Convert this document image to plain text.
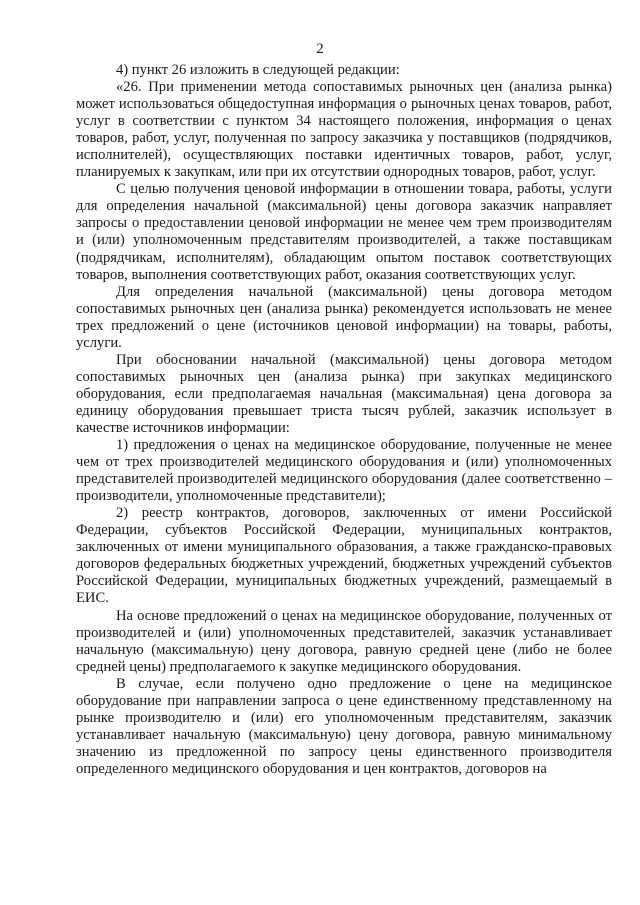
2

4) пункт 26 изложить в следующей редакции:

«26. При применении метода сопоставимых рыночных цен (анализа рынка) может использоваться общедоступная информация о рыночных ценах товаров, работ, услуг в соответствии с пунктом 34 настоящего положения, информация о ценах товаров, работ, услуг, полученная по запросу заказчика у поставщиков (подрядчиков, исполнителей), осуществляющих поставки идентичных товаров, работ, услуг, планируемых к закупкам, или при их отсутствии однородных товаров, работ, услуг.

С целью получения ценовой информации в отношении товара, работы, услуги для определения начальной (максимальной) цены договора заказчик направляет запросы о предоставлении ценовой информации не менее чем трем производителям и (или) уполномоченным представителям производителей, а также поставщикам (подрядчикам, исполнителям), обладающим опытом поставок соответствующих товаров, выполнения соответствующих работ, оказания соответствующих услуг.

Для определения начальной (максимальной) цены договора методом сопоставимых рыночных цен (анализа рынка) рекомендуется использовать не менее трех предложений о цене (источников ценовой информации) на товары, работы, услуги.

При обосновании начальной (максимальной) цены договора методом сопоставимых рыночных цен (анализа рынка) при закупках медицинского оборудования, если предполагаемая начальная (максимальная) цена договора за единицу оборудования превышает триста тысяч рублей, заказчик использует в качестве источников информации:

1) предложения о ценах на медицинское оборудование, полученные не менее чем от трех производителей медицинского оборудования и (или) уполномоченных представителей производителей медицинского оборудования (далее соответственно – производители, уполномоченные представители);

2) реестр контрактов, договоров, заключенных от имени Российской Федерации, субъектов Российской Федерации, муниципальных контрактов, заключенных от имени муниципального образования, а также гражданско-правовых договоров федеральных бюджетных учреждений, бюджетных учреждений субъектов Российской Федерации, муниципальных бюджетных учреждений, размещаемый в ЕИС.

На основе предложений о ценах на медицинское оборудование, полученных от производителей и (или) уполномоченных представителей, заказчик устанавливает начальную (максимальную) цену договора, равную средней цене (либо не более средней цены) предполагаемого к закупке медицинского оборудования.

В случае, если получено одно предложение о цене на медицинское оборудование при направлении запроса о цене единственному представленному на рынке производителю и (или) его уполномоченным представителям, заказчик устанавливает начальную (максимальную) цену договора, равную минимальному значению из предложенной по запросу цены единственного производителя определенного медицинского оборудования и цен контрактов, договоров на
